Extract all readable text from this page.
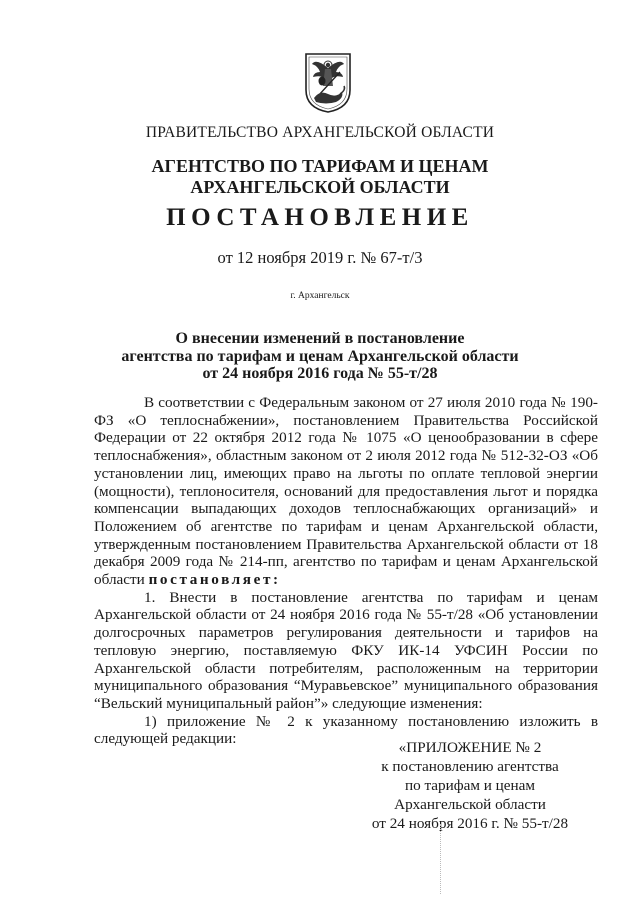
ПРАВИТЕЛЬСТВО АРХАНГЕЛЬСКОЙ ОБЛАСТИ
АГЕНТСТВО ПО ТАРИФАМ И ЦЕНАМ
АРХАНГЕЛЬСКОЙ ОБЛАСТИ
ПОСТАНОВЛЕНИЕ
от 12 ноября 2019 г. № 67-т/3
г. Архангельск
О внесении изменений в постановление
агентства по тарифам и ценам Архангельской области
от 24 ноября 2016 года № 55-т/28

В соответствии с Федеральным законом от 27 июля 2010 года № 190-ФЗ «О теплоснабжении», постановлением Правительства Российской Федерации от 22 октября 2012 года № 1075 «О ценообразовании в сфере теплоснабжения», областным законом от 2 июля 2012 года № 512-32-ОЗ «Об установлении лиц, имеющих право на льготы по оплате тепловой энергии (мощности), теплоносителя, оснований для предоставления льгот и порядка компенсации выпадающих доходов теплоснабжающих организаций» и Положением об агентстве по тарифам и ценам Архангельской области, утвержденным постановлением Правительства Архангельской области от 18 декабря 2009 года № 214-пп, агентство по тарифам и ценам Архангельской области постановляет:

1. Внести в постановление агентства по тарифам и ценам Архангельской области от 24 ноября 2016 года № 55-т/28 «Об установлении долгосрочных параметров регулирования деятельности и тарифов на тепловую энергию, поставляемую ФКУ ИК-14 УФСИН России по Архангельской области потребителям, расположенным на территории муниципального образования “Муравьевское” муниципального образования “Вельский муниципальный район”» следующие изменения:

1) приложение № 2 к указанному постановлению изложить в следующей редакции:

«ПРИЛОЖЕНИЕ № 2
к постановлению агентства
по тарифам и ценам
Архангельской области
от 24 ноября 2016 г. № 55-т/28
